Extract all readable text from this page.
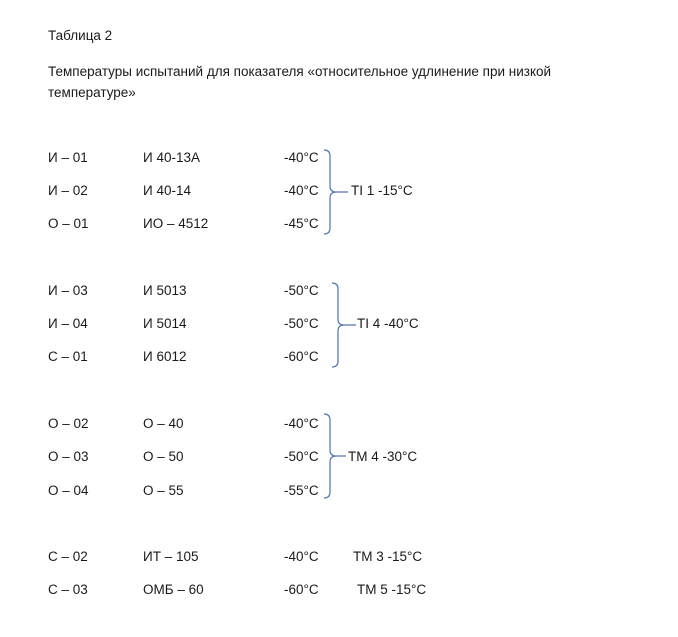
Таблица 2
Температуры испытаний для показателя «относительное удлинение при низкой температуре»
И – 01	И 40-13А	-40°C
И – 02	И 40-14	-40°C
О – 01	ИО – 4512	-45°C
TI 1 -15°C
И – 03	И 5013	-50°C
И – 04	И 5014	-50°C
С – 01	И 6012	-60°C
TI 4 -40°C
О – 02	О – 40	-40°C
О – 03	О – 50	-50°C
О – 04	О – 55	-55°C
TM 4 -30°C
С – 02	ИТ – 105	-40°C	TM 3 -15°C
С – 03	ОМБ – 60	-60°C	TM 5 -15°C
